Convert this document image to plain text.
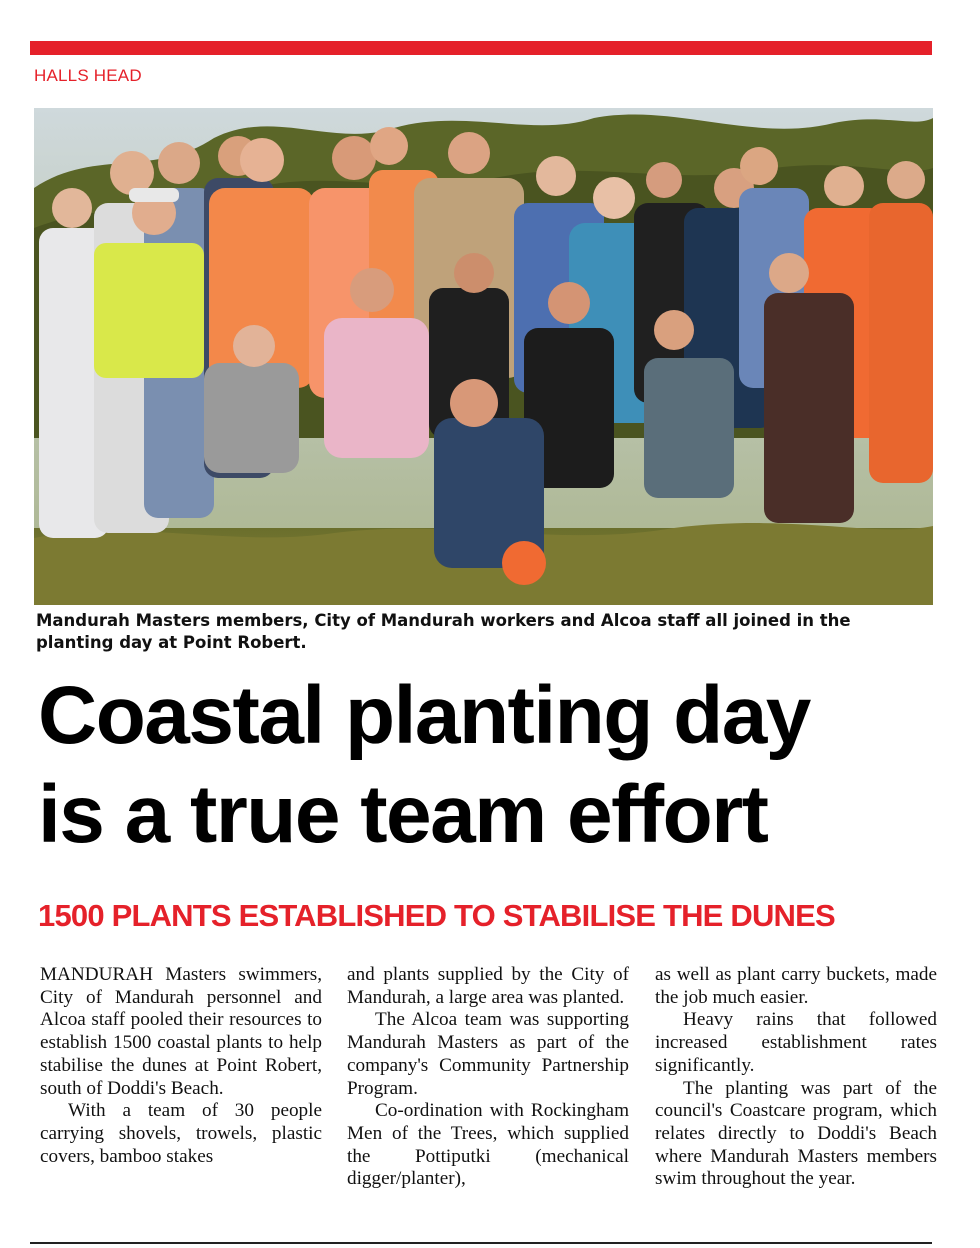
HALLS HEAD
Mandurah Masters members, City of Mandurah workers and Alcoa staff all joined in the planting day at Point Robert.
Coastal planting day
is a true team effort
1500 PLANTS ESTABLISHED TO STABILISE THE DUNES

MANDURAH Masters swimmers, City of Mandurah personnel and Alcoa staff pooled their resources to establish 1500 coastal plants to help stabilise the dunes at Point Robert, south of Doddi's Beach.

With a team of 30 people carrying shovels, trowels, plastic covers, bamboo stakes

and plants supplied by the City of Mandurah, a large area was planted.

The Alcoa team was supporting Mandurah Masters as part of the company's Community Partnership Program.

Co-ordination with Rockingham Men of the Trees, which supplied the Pottiputki (mechanical digger/planter),

as well as plant carry buckets, made the job much easier.

Heavy rains that followed increased establishment rates significantly.

The planting was part of the council's Coastcare program, which relates directly to Doddi's Beach where Mandurah Masters members swim throughout the year.
